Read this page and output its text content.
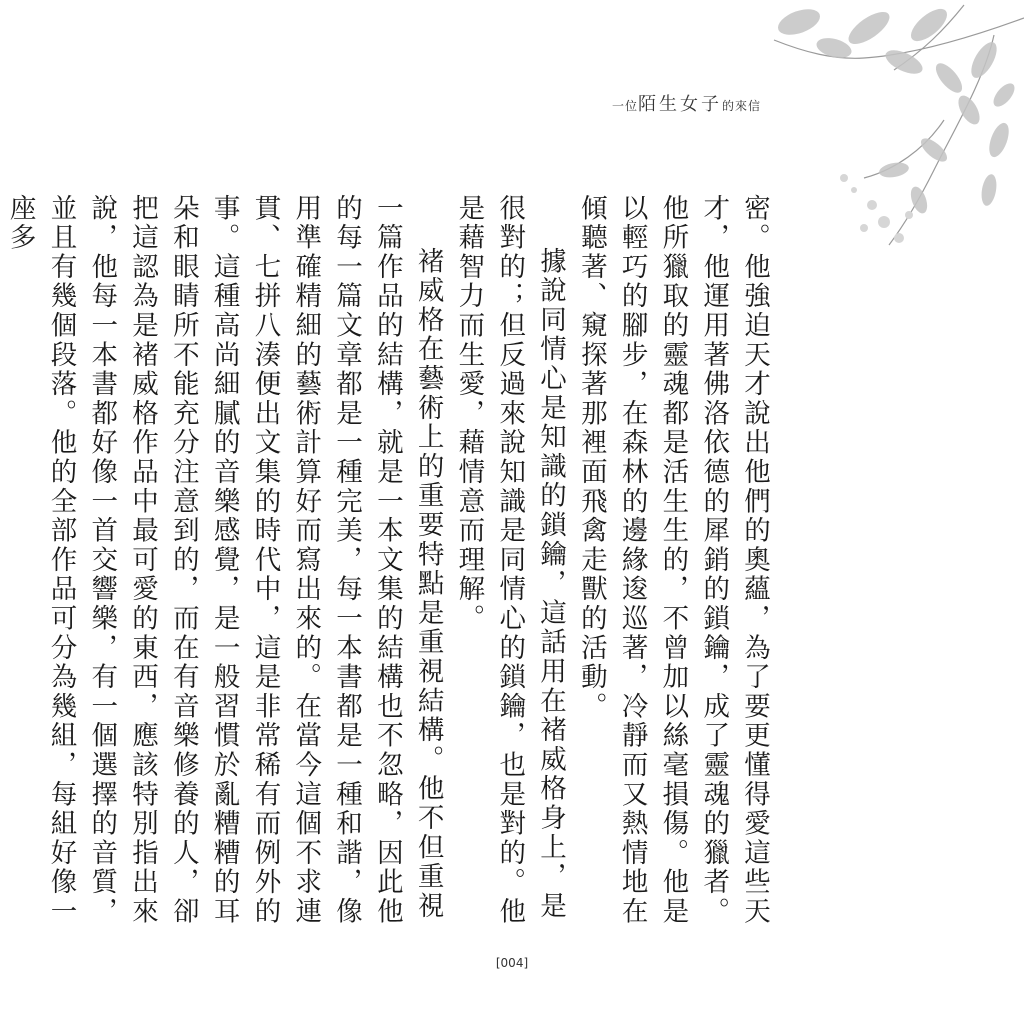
一位陌生女子的來信

密。他強迫天才說出他們的奧蘊，為了要更懂得愛這些天才，他運用著佛洛依德的犀銷的鎖鑰，成了靈魂的獵者。他所獵取的靈魂都是活生生的，不曾加以絲毫損傷。他是以輕巧的腳步，在森林的邊緣逡巡著，冷靜而又熱情地在傾聽著、窺探著那裡面飛禽走獸的活動。

據說同情心是知識的鎖鑰，這話用在褚威格身上，是很對的；但反過來說知識是同情心的鎖鑰，也是對的。他是藉智力而生愛，藉情意而理解。

褚威格在藝術上的重要特點是重視結構。他不但重視一篇作品的結構，就是一本文集的結構也不忽略，因此他的每一篇文章都是一種完美，每一本書都是一種和諧，像用準確精細的藝術計算好而寫出來的。在當今這個不求連貫、七拼八湊便出文集的時代中，這是非常稀有而例外的事。這種高尚細膩的音樂感覺，是一般習慣於亂糟糟的耳朵和眼睛所不能充分注意到的，而在有音樂修養的人，卻把這認為是褚威格作品中最可愛的東西，應該特別指出來說，他每一本書都好像一首交響樂，有一個選擇的音質，並且有幾個段落。他的全部作品可分為幾組，每組好像一座多

[004]
